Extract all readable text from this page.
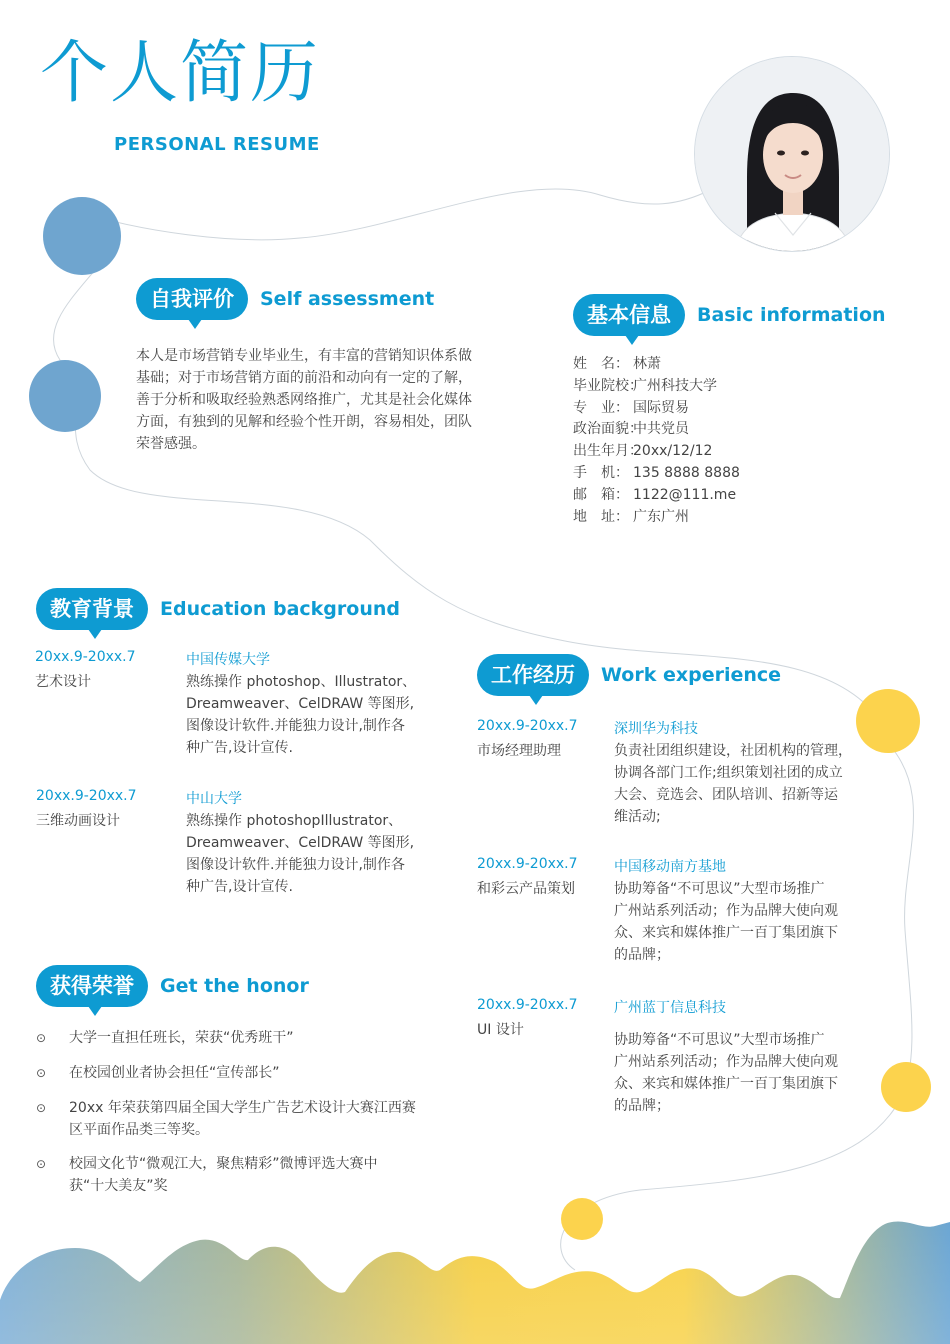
个人简历
PERSONAL RESUME
自我评价	Self assessment
本人是市场营销专业毕业生，有丰富的营销知识体系做
基础；对于市场营销方面的前沿和动向有一定的了解，
善于分析和吸取经验熟悉网络推广，尤其是社会化媒体
方面，有独到的见解和经验个性开朗，容易相处，团队
荣誉感强。
基本信息	Basic information
姓　名： 林萧
毕业院校：
广州科技大学
专　业： 国际贸易
政治面貌：
中共党员
出生年月：
20xx/12/12
手　机： 135 8888 8888
邮　箱： 1122@111.me
地　址： 广东广州
教育背景	Education background
20xx.9-20xx.7
艺术设计
中国传媒大学
熟练操作 photoshop、Illustrator、
Dreamweaver、CelDRAW 等图形,
图像设计软件.并能独力设计,制作各
种广告,设计宣传.
20xx.9-20xx.7
三维动画设计
中山大学
熟练操作 photoshopIllustrator、
Dreamweaver、CelDRAW 等图形,
图像设计软件.并能独力设计,制作各
种广告,设计宣传.
工作经历	Work experience
20xx.9-20xx.7
市场经理助理
深圳华为科技
负责社团组织建设，社团机构的管理，
协调各部门工作;组织策划社团的成立
大会、竞选会、团队培训、招新等运
维活动;
20xx.9-20xx.7
和彩云产品策划
中国移动南方基地
协助筹备“不可思议”大型市场推广
广州站系列活动；作为品牌大使向观
众、来宾和媒体推广一百丁集团旗下
的品牌；
20xx.9-20xx.7
UI 设计
广州蓝丁信息科技
协助筹备“不可思议”大型市场推广
广州站系列活动；作为品牌大使向观
众、来宾和媒体推广一百丁集团旗下
的品牌；
获得荣誉	Get the honor
⊙	大学一直担任班长，荣获“优秀班干”
⊙	在校园创业者协会担任“宣传部长”
⊙	20xx 年荣获第四届全国大学生广告艺术设计大赛江西赛
区平面作品类三等奖。
⊙	校园文化节“微观江大，聚焦精彩”微博评选大赛中
获“十大美友”奖
